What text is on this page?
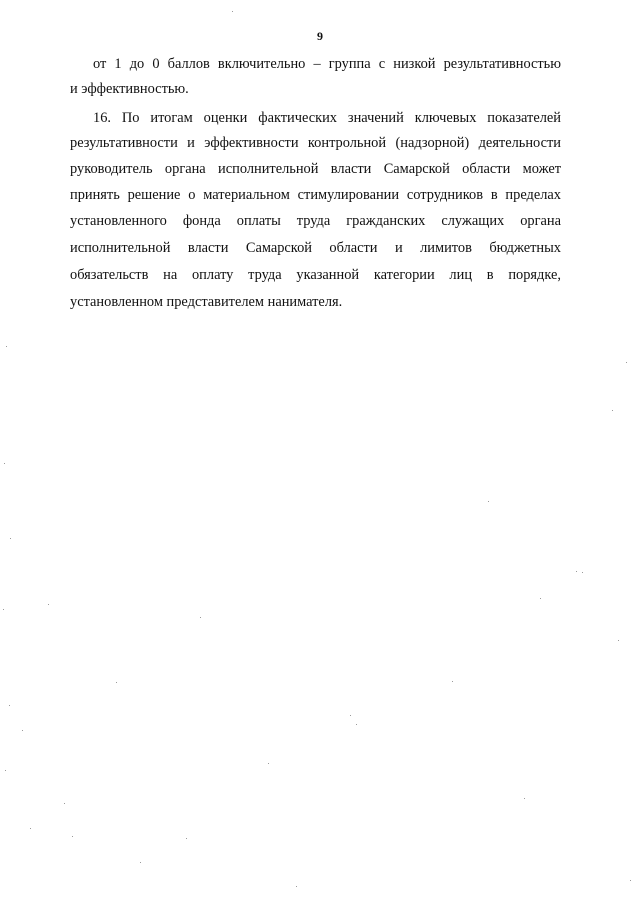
9
от 1 до 0 баллов включительно – группа с низкой результативностью
и эффективностью.
16. По итогам оценки фактических значений ключевых показателей
результативности и эффективности контрольной (надзорной) деятельности
руководитель органа исполнительной власти Самарской области может
принять решение о материальном стимулировании сотрудников в пределах
установленного фонда оплаты труда гражданских служащих органа
исполнительной власти Самарской области и лимитов бюджетных
обязательств на оплату труда указанной категории лиц в порядке,
установленном представителем нанимателя.
